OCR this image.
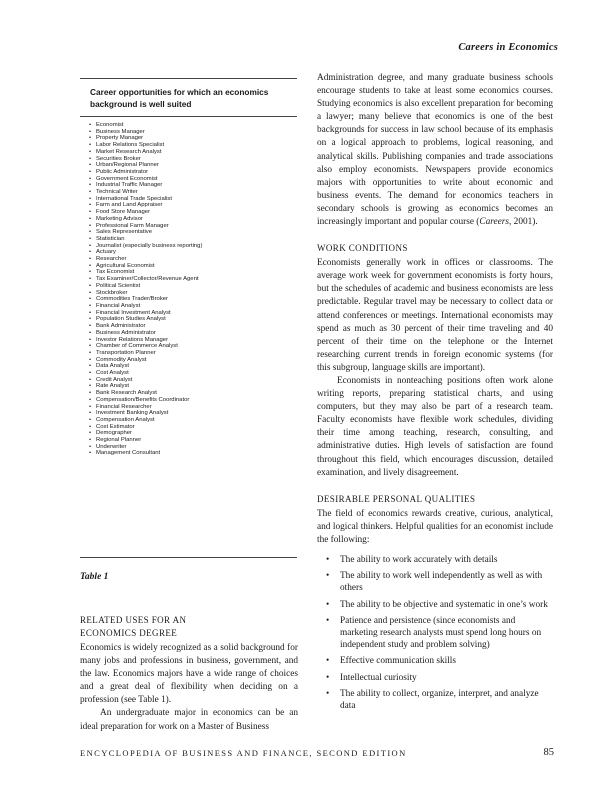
Careers in Economics
Career opportunities for which an economics background is well suited
• Economist
• Business Manager
• Property Manager
• Labor Relations Specialist
• Market Research Analyst
• Securities Broker
• Urban/Regional Planner
• Public Administrator
• Government Economist
• Industrial Traffic Manager
• Technical Writer
• International Trade Specialist
• Farm and Land Appraiser
• Food Store Manager
• Marketing Advisor
• Professional Farm Manager
• Sales Representative
• Statistician
• Journalist (especially business reporting)
• Actuary
• Researcher
• Agricultural Economist
• Tax Economist
• Tax Examiner/Collector/Revenue Agent
• Political Scientist
• Stockbroker
• Commodities Trader/Broker
• Financial Analyst
• Financial Investment Analyst
• Population Studies Analyst
• Bank Administrator
• Business Administrator
• Investor Relations Manager
• Chamber of Commerce Analyst
• Transportation Planner
• Commodity Analyst
• Data Analyst
• Cost Analyst
• Credit Analyst
• Rate Analyst
• Bank Research Analyst
• Compensation/Benefits Coordinator
• Financial Researcher
• Investment Banking Analyst
• Compensation Analyst
• Cost Estimator
• Demographer
• Regional Planner
• Underwriter
• Management Consultant
Table 1
RELATED USES FOR AN
ECONOMICS DEGREE

Economics is widely recognized as a solid background for many jobs and professions in business, government, and the law. Economics majors have a wide range of choices and a great deal of flexibility when deciding on a profession (see Table 1).

An undergraduate major in economics can be an ideal preparation for work on a Master of Business

Administration degree, and many graduate business schools encourage students to take at least some economics courses. Studying economics is also excellent preparation for becoming a lawyer; many believe that economics is one of the best backgrounds for success in law school because of its emphasis on a logical approach to problems, logical reasoning, and analytical skills. Publishing companies and trade associations also employ economists. Newspapers provide economics majors with opportunities to write about economic and business events. The demand for economics teachers in secondary schools is growing as economics becomes an increasingly important and popular course (Careers, 2001).

WORK CONDITIONS

Economists generally work in offices or classrooms. The average work week for government economists is forty hours, but the schedules of academic and business economists are less predictable. Regular travel may be necessary to collect data or attend conferences or meetings. International economists may spend as much as 30 percent of their time traveling and 40 percent of their time on the telephone or the Internet researching current trends in foreign economic systems (for this subgroup, language skills are important).

Economists in nonteaching positions often work alone writing reports, preparing statistical charts, and using computers, but they may also be part of a research team. Faculty economists have flexible work schedules, dividing their time among teaching, research, consulting, and administrative duties. High levels of satisfaction are found throughout this field, which encourages discussion, detailed examination, and lively disagreement.

DESIRABLE PERSONAL QUALITIES

The field of economics rewards creative, curious, analytical, and logical thinkers. Helpful qualities for an economist include the following:

• The ability to work accurately with details
• The ability to work well independently as well as with others
• The ability to be objective and systematic in one’s work
• Patience and persistence (since economists and marketing research analysts must spend long hours on independent study and problem solving)
• Effective communication skills
• Intellectual curiosity
• The ability to collect, organize, interpret, and analyze data
ENCYCLOPEDIA OF BUSINESS AND FINANCE, SECOND EDITION	85
